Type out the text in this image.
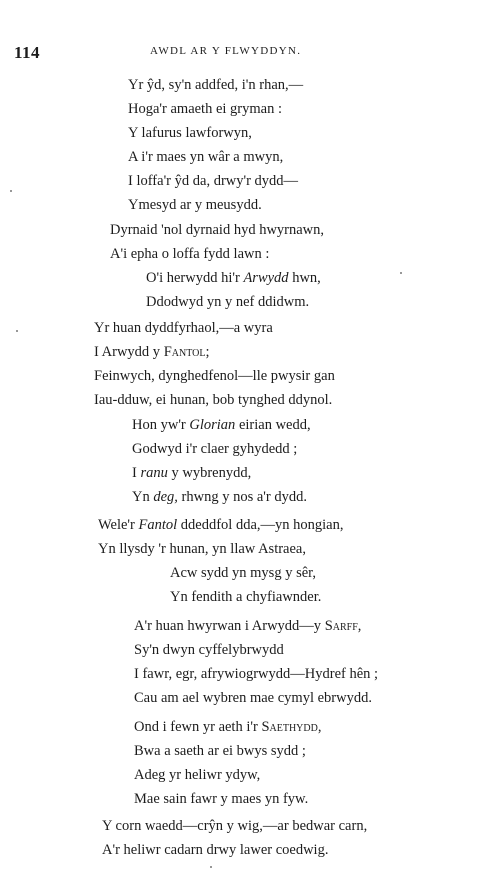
114	AWDL AR Y FLWYDDYN.
Yr ŷd, sy'n addfed, i'n rhan,—
Hoga'r amaeth ei gryman :
Y lafurus lawforwyn,
A i'r maes yn wâr a mwyn,
I loffa'r ŷd da, drwy'r dydd—
Ymesyd ar y meusydd.
Dyrnaid 'nol dyrnaid hyd hwyrnawn,
A'i epha o loffa fydd lawn :
O'i herwydd hi'r Arwydd hwn,
Ddodwyd yn y nef ddidwm.
Yr huan dyddfyrhaol,—a wyra
I Arwydd y Fantol;
Feinwych, dynghedfenol—lle pwysir gan
Iau-dduw, ei hunan, bob tynghed ddynol.
Hon yw'r Glorian eirian wedd,
Godwyd i'r claer gyhydedd ;
I ranu y wybrenydd,
Yn deg, rhwng y nos a'r dydd.
Wele'r Fantol ddeddfol dda,—yn hongian,
Yn llysdy 'r hunan, yn llaw Astraea,
Acw sydd yn mysg y sêr,
Yn fendith a chyfiawnder.
A'r huan hwyrwan i Arwydd—y Sarff,
Sy'n dwyn cyffelybrwydd
I fawr, egr, afrywiogrwydd—Hydref hên ;
Cau am ael wybren mae cymyl ebrwydd.
Ond i fewn yr aeth i'r Saethydd,
Bwa a saeth ar ei bwys sydd ;
Adeg yr heliwr ydyw,
Mae sain fawr y maes yn fyw.
Y corn waedd—crŷn y wig,—ar bedwar carn,
A'r heliwr cadarn drwy lawer coedwig.
